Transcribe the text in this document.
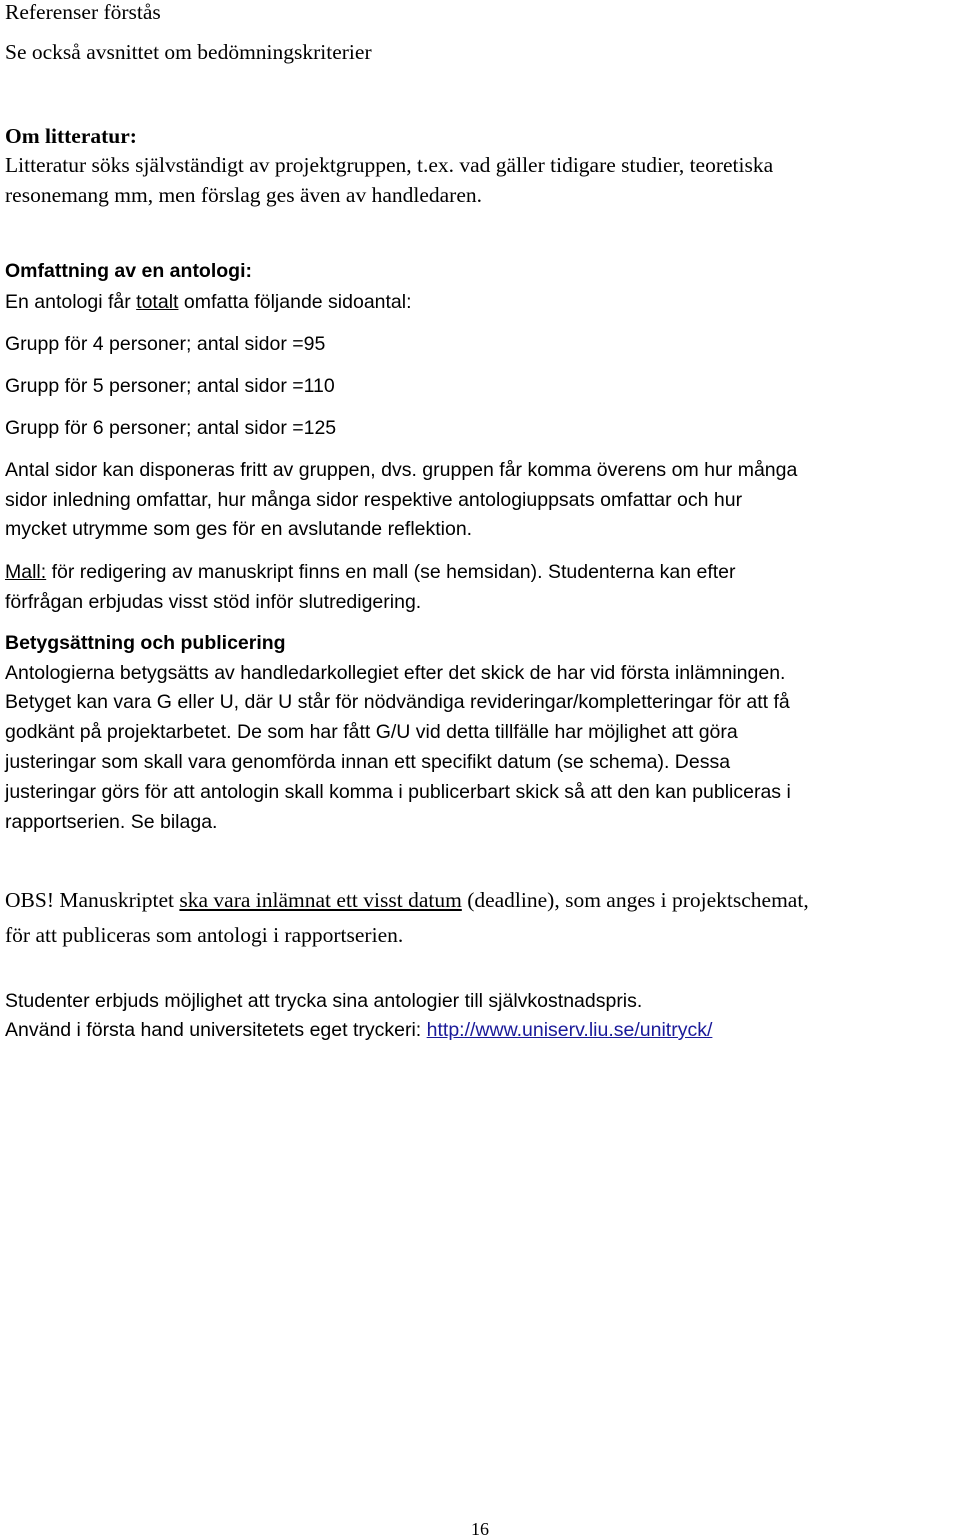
Referenser förstås
Se också avsnittet om bedömningskriterier
Om litteratur:
Litteratur söks självständigt av projektgruppen, t.ex. vad gäller tidigare studier, teoretiska
resonemang mm, men förslag ges även av handledaren.
Omfattning av en antologi:
En antologi får totalt omfatta följande sidoantal:
Grupp för 4 personer; antal sidor =95
Grupp för 5 personer; antal sidor =110
Grupp för 6 personer; antal sidor =125
Antal sidor kan disponeras fritt av gruppen, dvs. gruppen får komma överens om hur många
sidor inledning omfattar, hur många sidor respektive antologiuppsats omfattar och hur
mycket utrymme som ges för en avslutande reflektion.
Mall: för redigering av manuskript finns en mall (se hemsidan). Studenterna kan efter
förfrågan erbjudas visst stöd inför slutredigering.
Betygsättning och publicering
Antologierna betygsätts av handledarkollegiet efter det skick de har vid första inlämningen.
Betyget kan vara G eller U, där U står för nödvändiga revideringar/kompletteringar för att få
godkänt på projektarbetet. De som har fått G/U vid detta tillfälle har möjlighet att göra
justeringar som skall vara genomförda innan ett specifikt datum (se schema). Dessa
justeringar görs för att antologin skall komma i publicerbart skick så att den kan publiceras i
rapportserien. Se bilaga.
OBS! Manuskriptet ska vara inlämnat ett visst datum (deadline), som anges i projektschemat,
för att publiceras som antologi i rapportserien.
Studenter erbjuds möjlighet att trycka sina antologier till självkostnadspris.
Använd i första hand universitetets eget tryckeri: http://www.uniserv.liu.se/unitryck/
16
